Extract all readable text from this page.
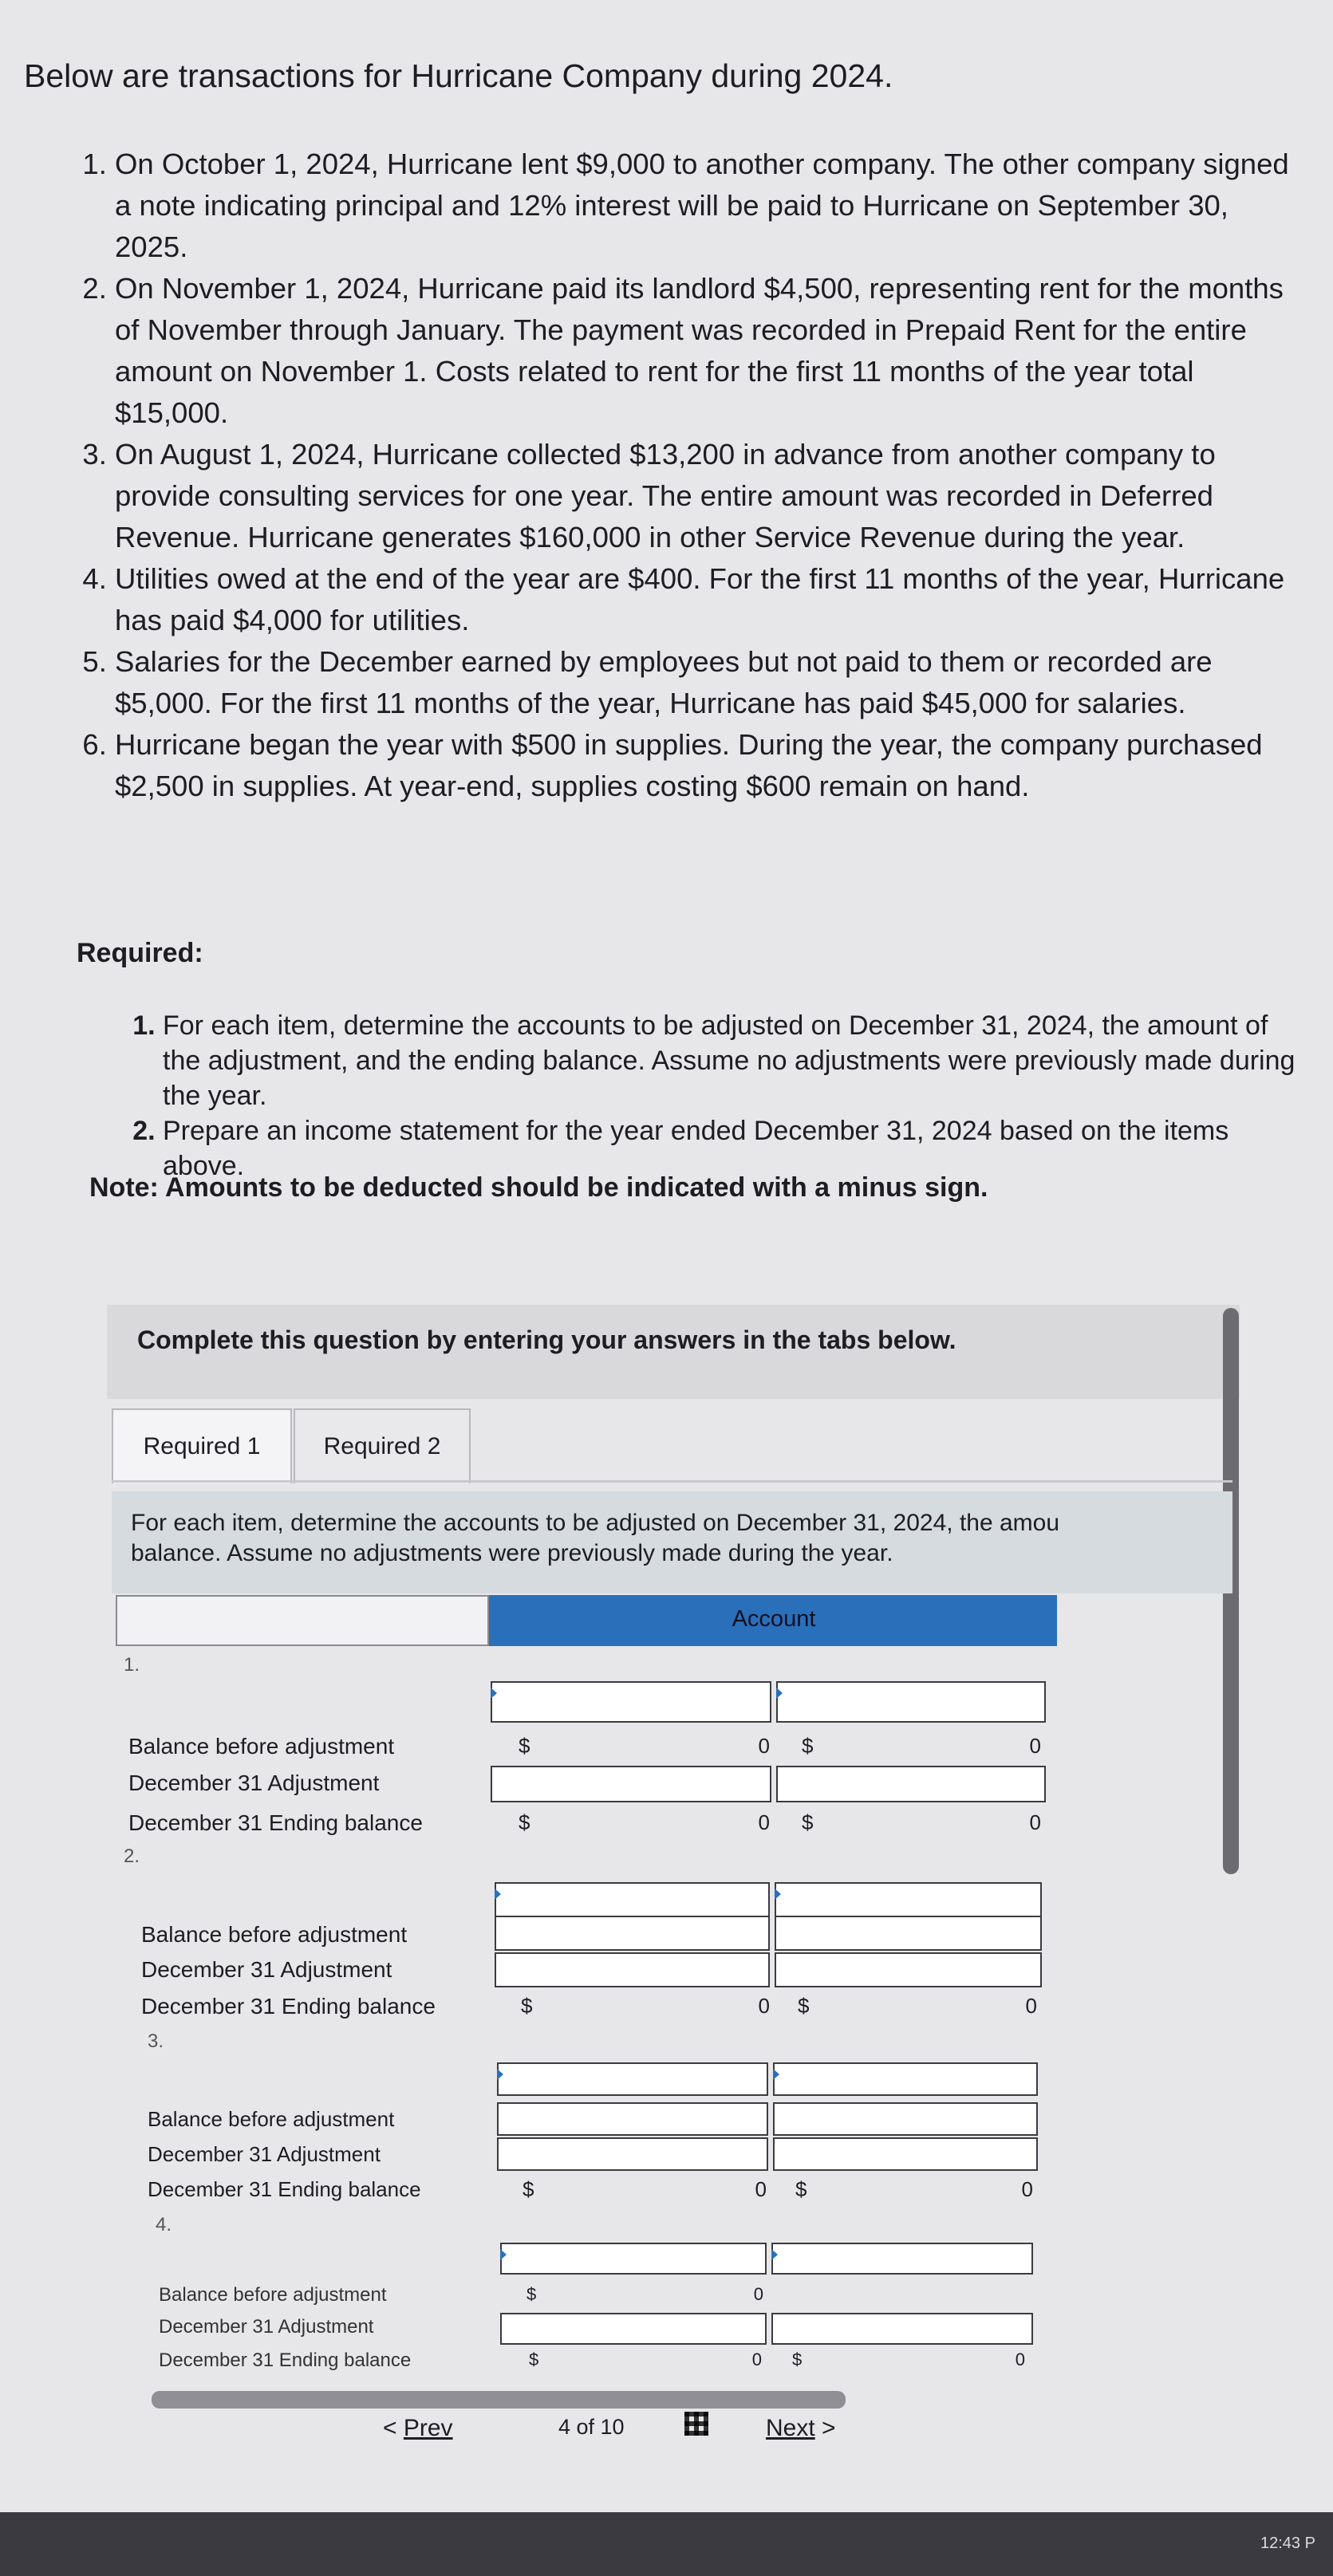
Below are transactions for Hurricane Company during 2024.

1. On October 1, 2024, Hurricane lent $9,000 to another company. The other company signed a note indicating principal and 12% interest will be paid to Hurricane on September 30, 2025.
2. On November 1, 2024, Hurricane paid its landlord $4,500, representing rent for the months of November through January. The payment was recorded in Prepaid Rent for the entire amount on November 1. Costs related to rent for the first 11 months of the year total $15,000.
3. On August 1, 2024, Hurricane collected $13,200 in advance from another company to provide consulting services for one year. The entire amount was recorded in Deferred Revenue. Hurricane generates $160,000 in other Service Revenue during the year.
4. Utilities owed at the end of the year are $400. For the first 11 months of the year, Hurricane has paid $4,000 for utilities.
5. Salaries for the December earned by employees but not paid to them or recorded are $5,000. For the first 11 months of the year, Hurricane has paid $45,000 for salaries.
6. Hurricane began the year with $500 in supplies. During the year, the company purchased $2,500 in supplies. At year-end, supplies costing $600 remain on hand.

Required:

1. For each item, determine the accounts to be adjusted on December 31, 2024, the amount of the adjustment, and the ending balance. Assume no adjustments were previously made during the year.
2. Prepare an income statement for the year ended December 31, 2024 based on the items above.

Note: Amounts to be deducted should be indicated with a minus sign.

Complete this question by entering your answers in the tabs below.
Required 1	Required 2

For each item, determine the accounts to be adjusted on December 31, 2024, the amou

balance. Assume no adjustments were previously made during the year.

Account
1.
Balance before adjustment	$	0 $	0
December 31 Adjustment
December 31 Ending balance	$	0 $	0
2.
Balance before adjustment
December 31 Adjustment
December 31 Ending balance	$	0 $	0
3.
Balance before adjustment
December 31 Adjustment
December 31 Ending balance	$	0 $	0
4.
Balance before adjustment	$	0
December 31 Adjustment
December 31 Ending balance	$	0 $	0
< Prev	4 of 10	Next >
12:43 P
